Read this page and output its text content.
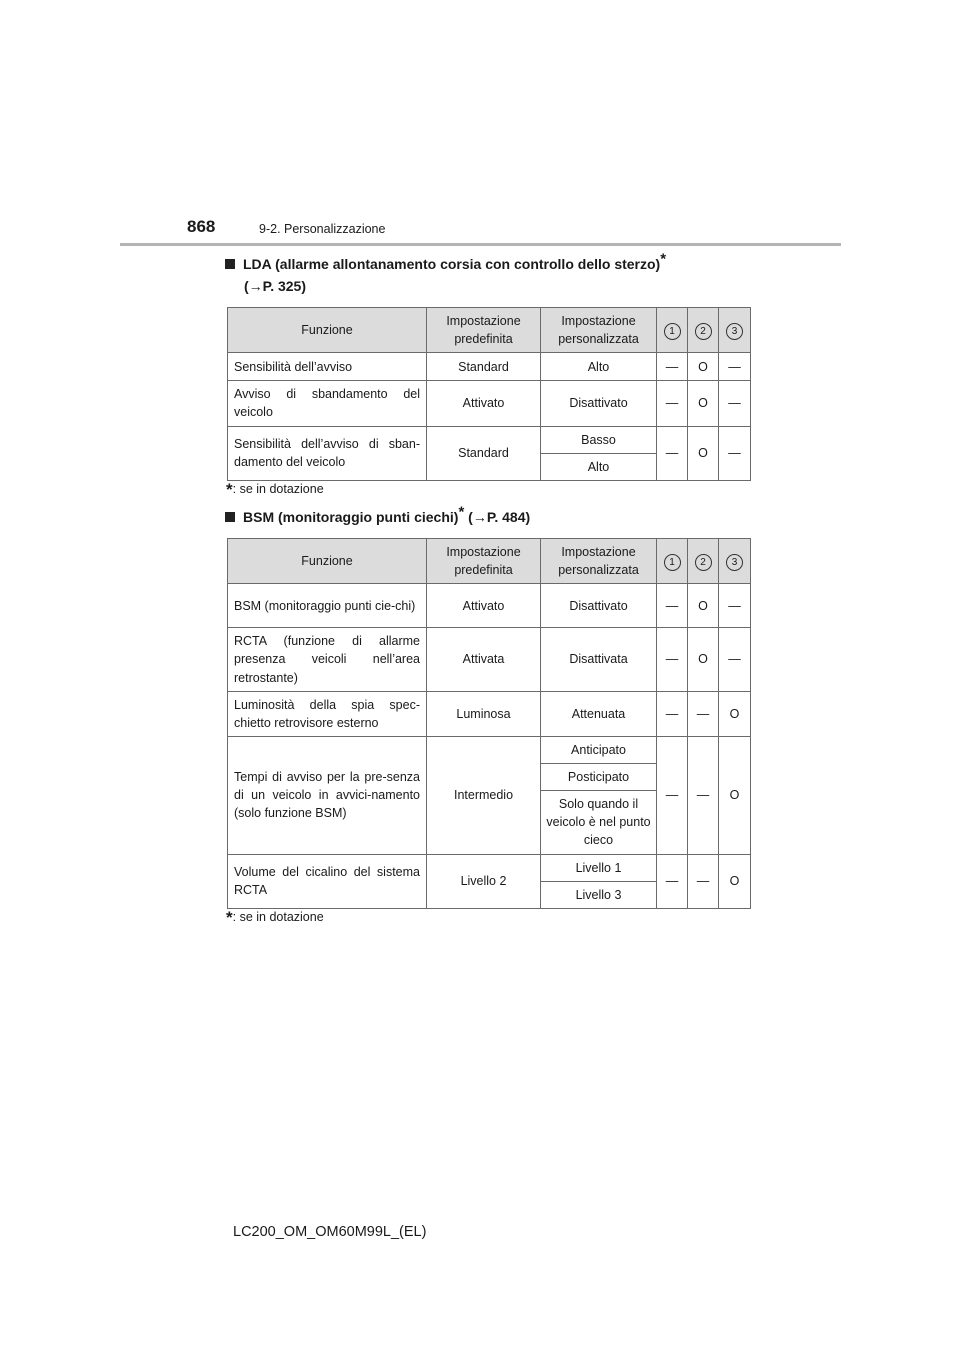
868	9-2. Personalizzazione
LDA (allarme allontanamento corsia con controllo dello sterzo)*
(→P. 325)
Funzione	Impostazione predefinita	Impostazione personalizzata	1	2	3
Sensibilità dell’avviso	Standard	Alto	—	O	—
Avviso di sbandamento del veicolo	Attivato	Disattivato	—	O	—
Sensibilità dell’avviso di sban-damento del veicolo	Standard	Basso	—	O	—
		Alto			
*: se in dotazione
BSM (monitoraggio punti ciechi)* (→P. 484)
Funzione	Impostazione predefinita	Impostazione personalizzata	1	2	3
BSM (monitoraggio punti cie-chi)	Attivato	Disattivato	—	O	—
RCTA (funzione di allarme presenza veicoli nell’area retrostante)	Attivata	Disattivata	—	O	—
Luminosità della spia spec-chietto retrovisore esterno	Luminosa	Attenuata	—	—	O
Tempi di avviso per la pre-senza di un veicolo in avvici-namento (solo funzione BSM)	Intermedio	Anticipato	—	—	O
		Posticipato			
		Solo quando il veicolo è nel punto cieco			
Volume del cicalino del sistema RCTA	Livello 2	Livello 1	—	—	O
		Livello 3			
*: se in dotazione
LC200_OM_OM60M99L_(EL)
